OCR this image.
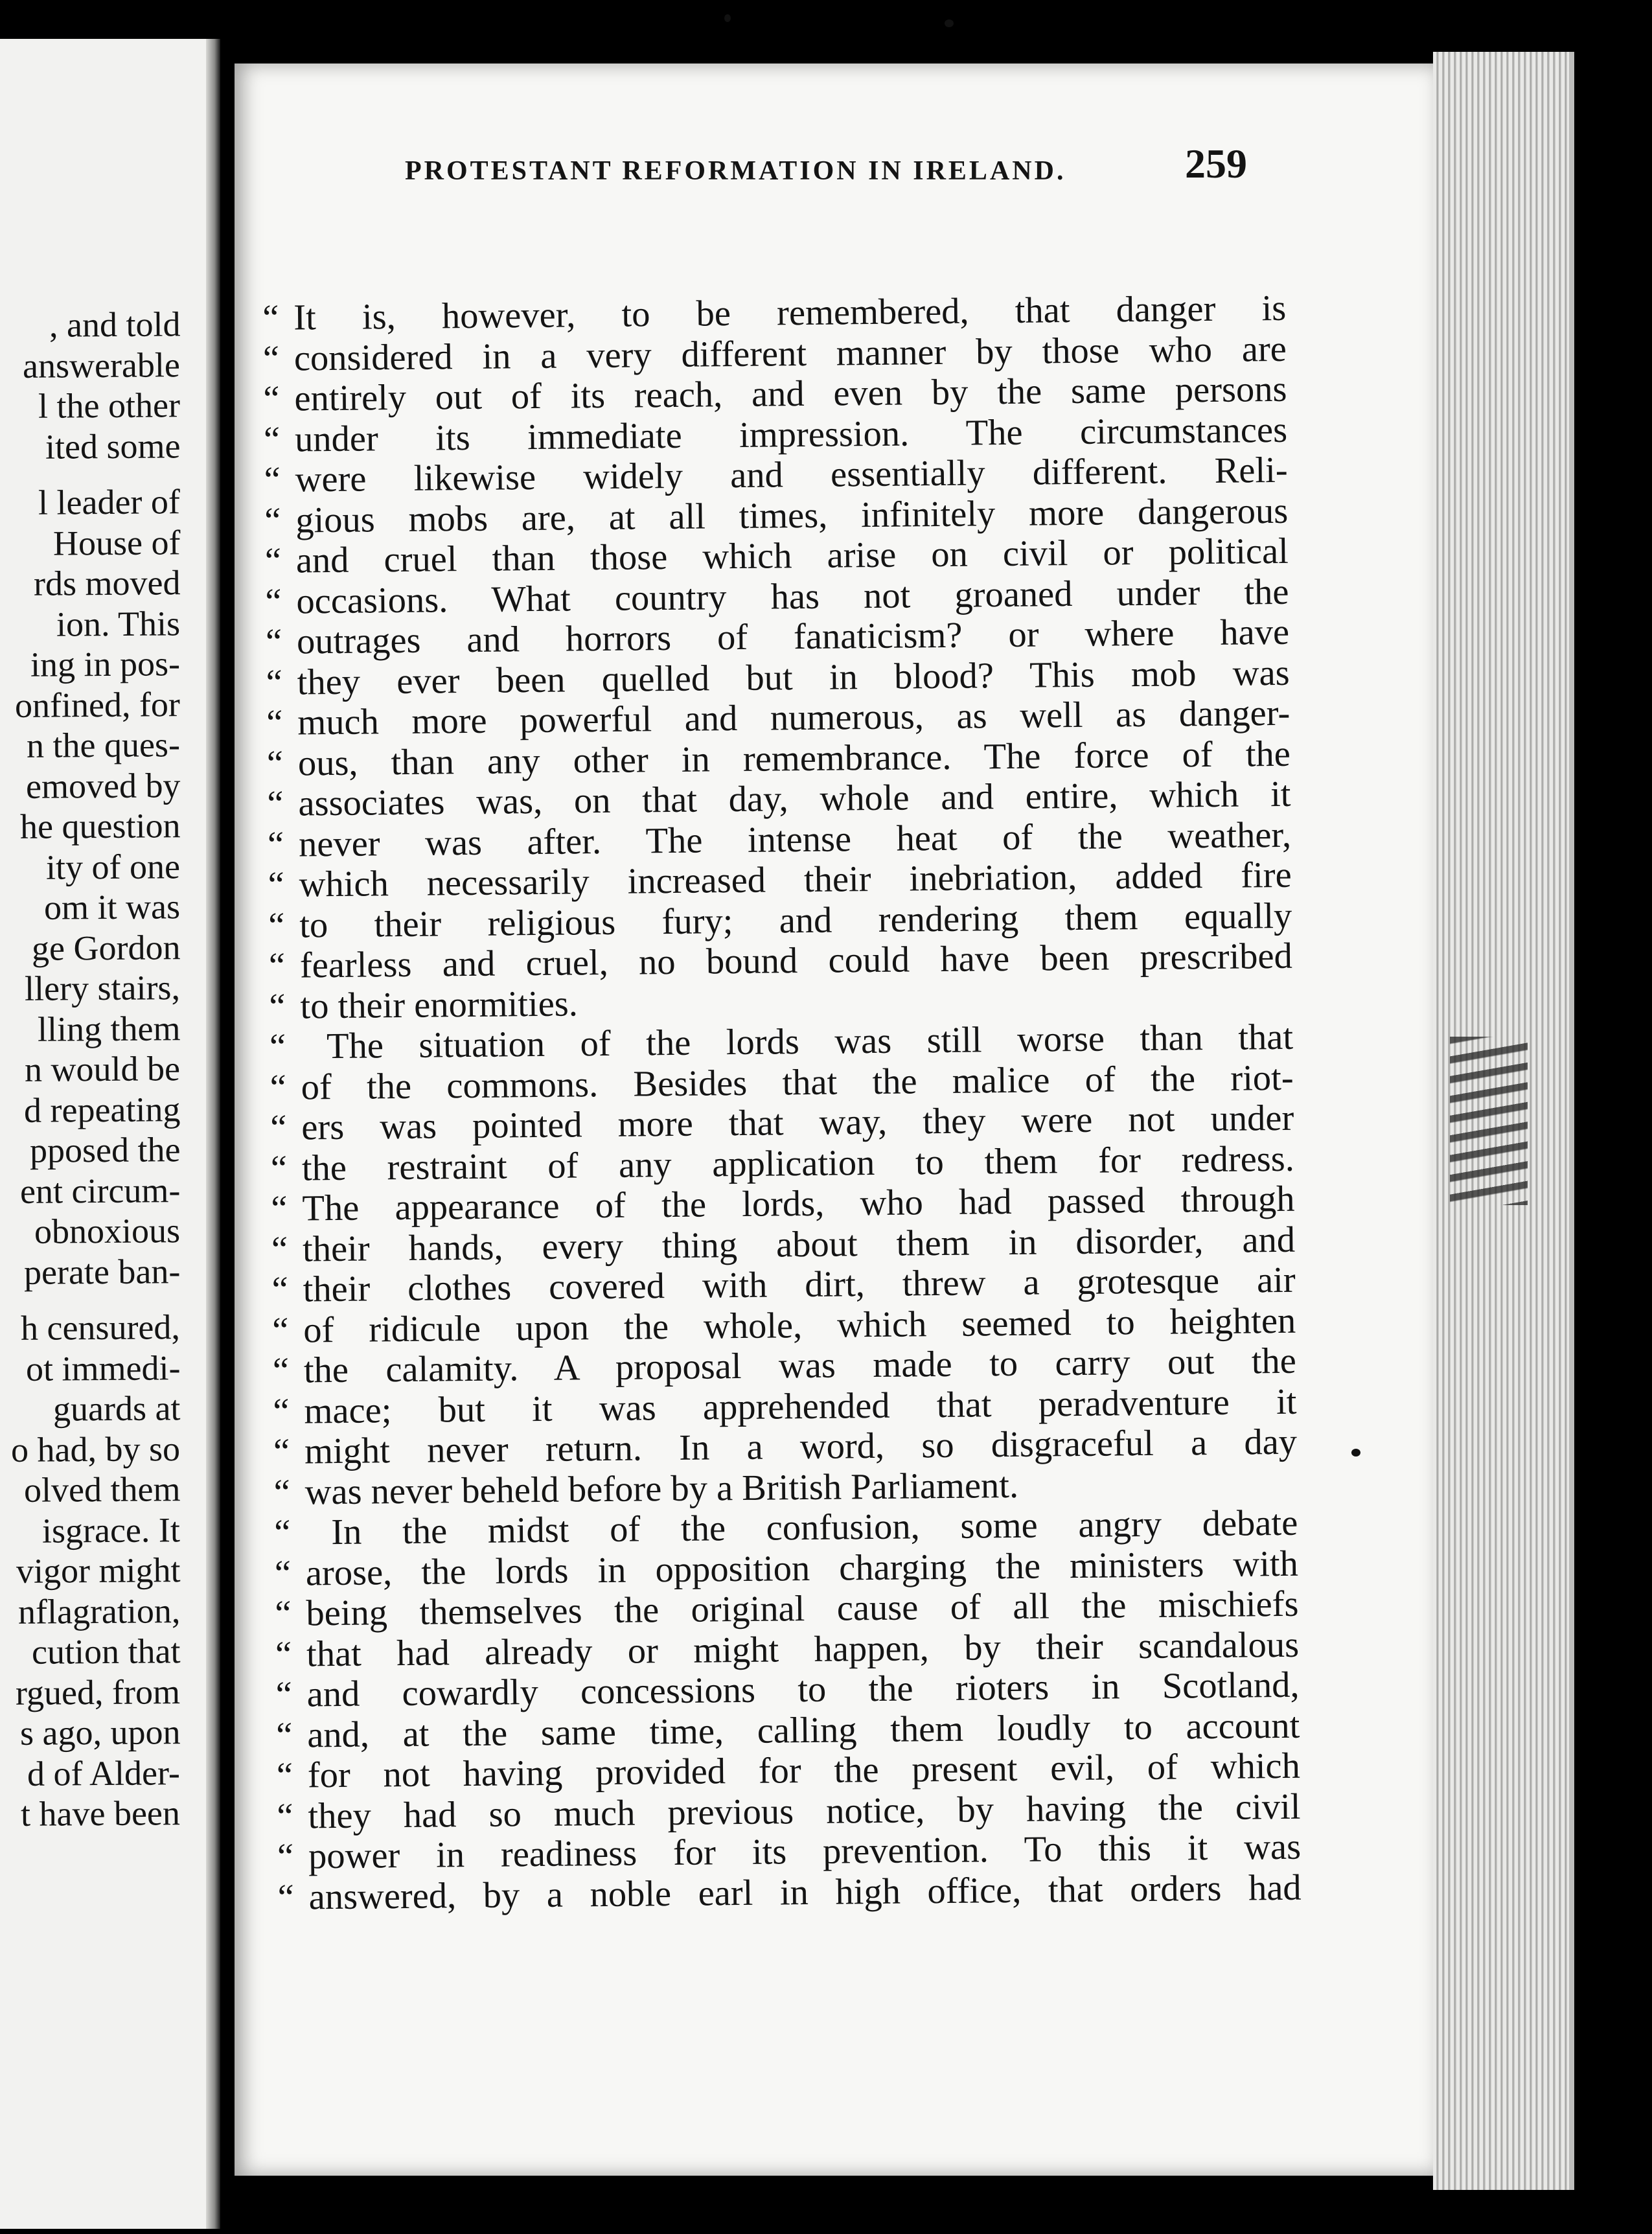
, and told
answerable
l the other
ited some
l leader of
House of
rds moved
ion. This
ing in pos-
onfined, for
n the ques-
emoved by
he question
ity of one
om it was
ge Gordon
llery stairs,
lling them
n would be
d repeating
pposed the
ent circum-
obnoxious
perate ban-
h censured,
ot immedi-
guards at
o had, by so
olved them
isgrace. It
vigor might
nflagration,
cution that
rgued, from
s ago, upon
d of Alder-
t have been
PROTESTANT REFORMATION IN IRELAND.	259
“ It is, however, to be remembered, that danger is
“ considered in a very different manner by those who are
“ entirely out of its reach, and even by the same persons
“ under its immediate impression. The circumstances
“ were likewise widely and essentially different. Reli-
“ gious mobs are, at all times, infinitely more dangerous
“ and cruel than those which arise on civil or political
“ occasions. What country has not groaned under the
“ outrages and horrors of fanaticism? or where have
“ they ever been quelled but in blood? This mob was
“ much more powerful and numerous, as well as danger-
“ ous, than any other in remembrance. The force of the
“ associates was, on that day, whole and entire, which it
“ never was after. The intense heat of the weather,
“ which necessarily increased their inebriation, added fire
“ to their religious fury; and rendering them equally
“ fearless and cruel, no bound could have been prescribed
“ to their enormities.
“ The situation of the lords was still worse than that
“ of the commons. Besides that the malice of the riot-
“ ers was pointed more that way, they were not under
“ the restraint of any application to them for redress.
“ The appearance of the lords, who had passed through
“ their hands, every thing about them in disorder, and
“ their clothes covered with dirt, threw a grotesque air
“ of ridicule upon the whole, which seemed to heighten
“ the calamity. A proposal was made to carry out the
“ mace; but it was apprehended that peradventure it
“ might never return. In a word, so disgraceful a day
“ was never beheld before by a British Parliament.
“ In the midst of the confusion, some angry debate
“ arose, the lords in opposition charging the ministers with
“ being themselves the original cause of all the mischiefs
“ that had already or might happen, by their scandalous
“ and cowardly concessions to the rioters in Scotland,
“ and, at the same time, calling them loudly to account
“ for not having provided for the present evil, of which
“ they had so much previous notice, by having the civil
“ power in readiness for its prevention. To this it was
“ answered, by a noble earl in high office, that orders had
